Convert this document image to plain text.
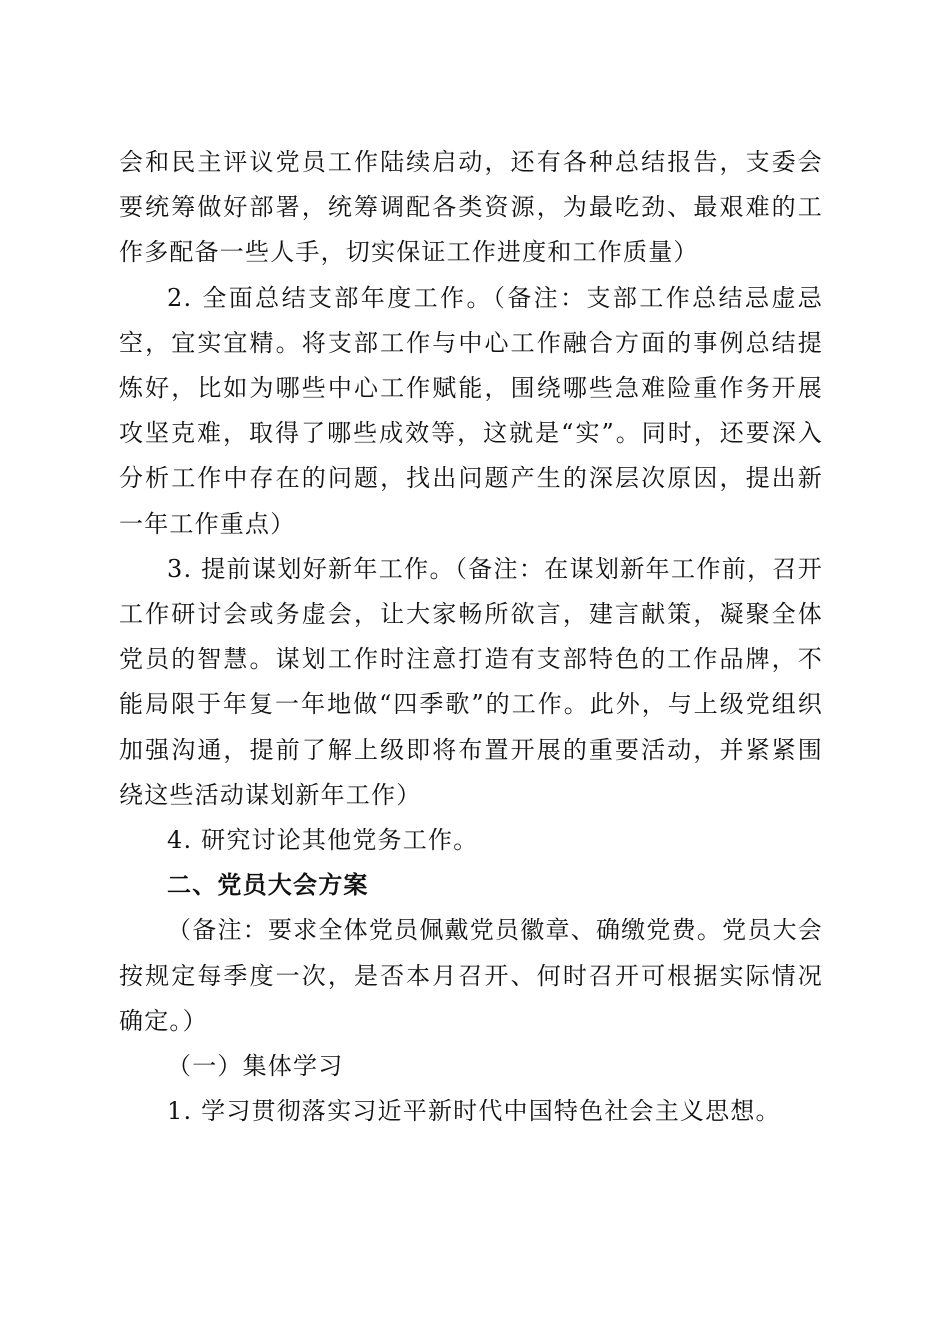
会和民主评议党员工作陆续启动，还有各种总结报告，支委会要统筹做好部署，统筹调配各类资源，为最吃劲、最艰难的工作多配备一些人手，切实保证工作进度和工作质量）

2. 全面总结支部年度工作。（备注：支部工作总结忌虚忌空，宜实宜精。将支部工作与中心工作融合方面的事例总结提炼好，比如为哪些中心工作赋能，围绕哪些急难险重作务开展攻坚克难，取得了哪些成效等，这就是“实”。同时，还要深入分析工作中存在的问题，找出问题产生的深层次原因，提出新一年工作重点）

3. 提前谋划好新年工作。（备注：在谋划新年工作前，召开工作研讨会或务虚会，让大家畅所欲言，建言献策，凝聚全体党员的智慧。谋划工作时注意打造有支部特色的工作品牌，不能局限于年复一年地做“四季歌”的工作。此外，与上级党组织加强沟通，提前了解上级即将布置开展的重要活动，并紧紧围绕这些活动谋划新年工作）

4. 研究讨论其他党务工作。

二、党员大会方案

（备注：要求全体党员佩戴党员徽章、确缴党费。党员大会按规定每季度一次，是否本月召开、何时召开可根据实际情况确定。）

（一）集体学习

1. 学习贯彻落实习近平新时代中国特色社会主义思想。
